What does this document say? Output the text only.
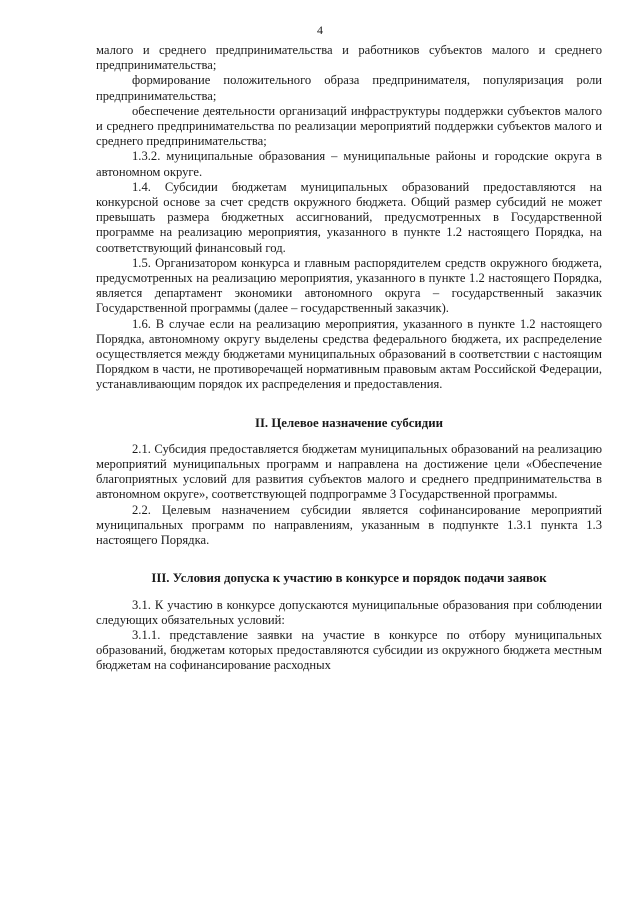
4

малого и среднего предпринимательства и работников субъектов малого и среднего предпринимательства;

формирование положительного образа предпринимателя, популяризация роли предпринимательства;

обеспечение деятельности организаций инфраструктуры поддержки субъектов малого и среднего предпринимательства по реализации мероприятий поддержки субъектов малого и среднего предпринимательства;

1.3.2. муниципальные образования – муниципальные районы и городские округа в автономном округе.

1.4. Субсидии бюджетам муниципальных образований предоставляются на конкурсной основе за счет средств окружного бюджета. Общий размер субсидий не может превышать размера бюджетных ассигнований, предусмотренных в Государственной программе на реализацию мероприятия, указанного в пункте 1.2 настоящего Порядка, на соответствующий финансовый год.

1.5. Организатором конкурса и главным распорядителем средств окружного бюджета, предусмотренных на реализацию мероприятия, указанного в пункте 1.2 настоящего Порядка, является департамент экономики автономного округа – государственный заказчик Государственной программы (далее – государственный заказчик).

1.6. В случае если на реализацию мероприятия, указанного в пункте 1.2 настоящего Порядка, автономному округу выделены средства федерального бюджета, их распределение осуществляется между бюджетами муниципальных образований в соответствии с настоящим Порядком в части, не противоречащей нормативным правовым актам Российской Федерации, устанавливающим порядок их распределения и предоставления.

II. Целевое назначение субсидии

2.1. Субсидия предоставляется бюджетам муниципальных образований на реализацию мероприятий муниципальных программ и направлена на достижение цели «Обеспечение благоприятных условий для развития субъектов малого и среднего предпринимательства в автономном округе», соответствующей подпрограмме 3 Государственной программы.

2.2. Целевым назначением субсидии является софинансирование мероприятий муниципальных программ по направлениям, указанным в подпункте 1.3.1 пункта 1.3 настоящего Порядка.

III. Условия допуска к участию в конкурсе и порядок подачи заявок

3.1. К участию в конкурсе допускаются муниципальные образования при соблюдении следующих обязательных условий:

3.1.1. представление заявки на участие в конкурсе по отбору муниципальных образований, бюджетам которых предоставляются субсидии из окружного бюджета местным бюджетам на софинансирование расходных
